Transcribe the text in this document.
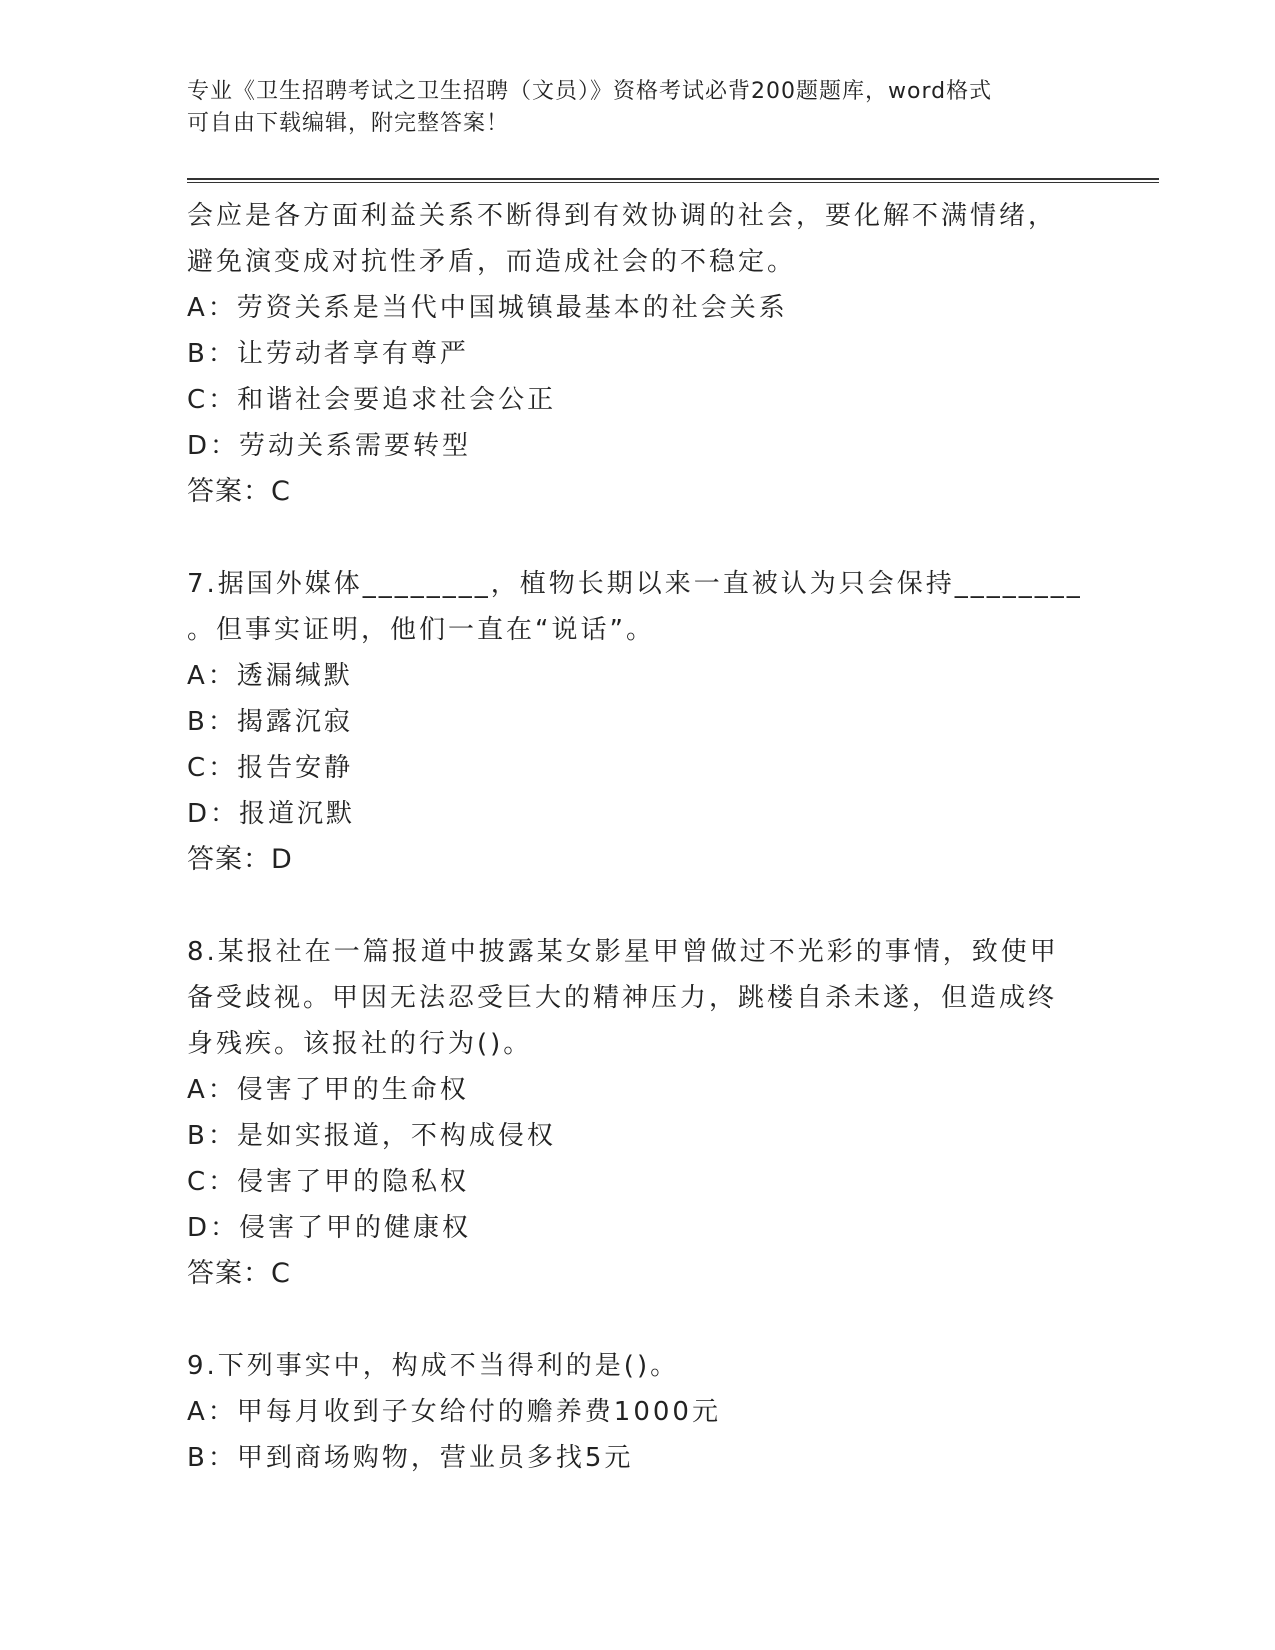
专业《卫生招聘考试之卫生招聘（文员）》资格考试必背200题题库，word格式
可自由下载编辑，附完整答案！
会应是各方面利益关系不断得到有效协调的社会，要化解不满情绪，
避免演变成对抗性矛盾，而造成社会的不稳定。
A：劳资关系是当代中国城镇最基本的社会关系
B：让劳动者享有尊严
C：和谐社会要追求社会公正
D：劳动关系需要转型
答案：C
7.据国外媒体________，植物长期以来一直被认为只会保持________
。但事实证明，他们一直在“说话”。
A：透漏缄默
B：揭露沉寂
C：报告安静
D：报道沉默
答案：D
8.某报社在一篇报道中披露某女影星甲曾做过不光彩的事情，致使甲
备受歧视。甲因无法忍受巨大的精神压力，跳楼自杀未遂，但造成终
身残疾。该报社的行为()。
A：侵害了甲的生命权
B：是如实报道，不构成侵权
C：侵害了甲的隐私权
D：侵害了甲的健康权
答案：C
9.下列事实中，构成不当得利的是()。
A：甲每月收到子女给付的赡养费1000元
B：甲到商场购物，营业员多找5元
